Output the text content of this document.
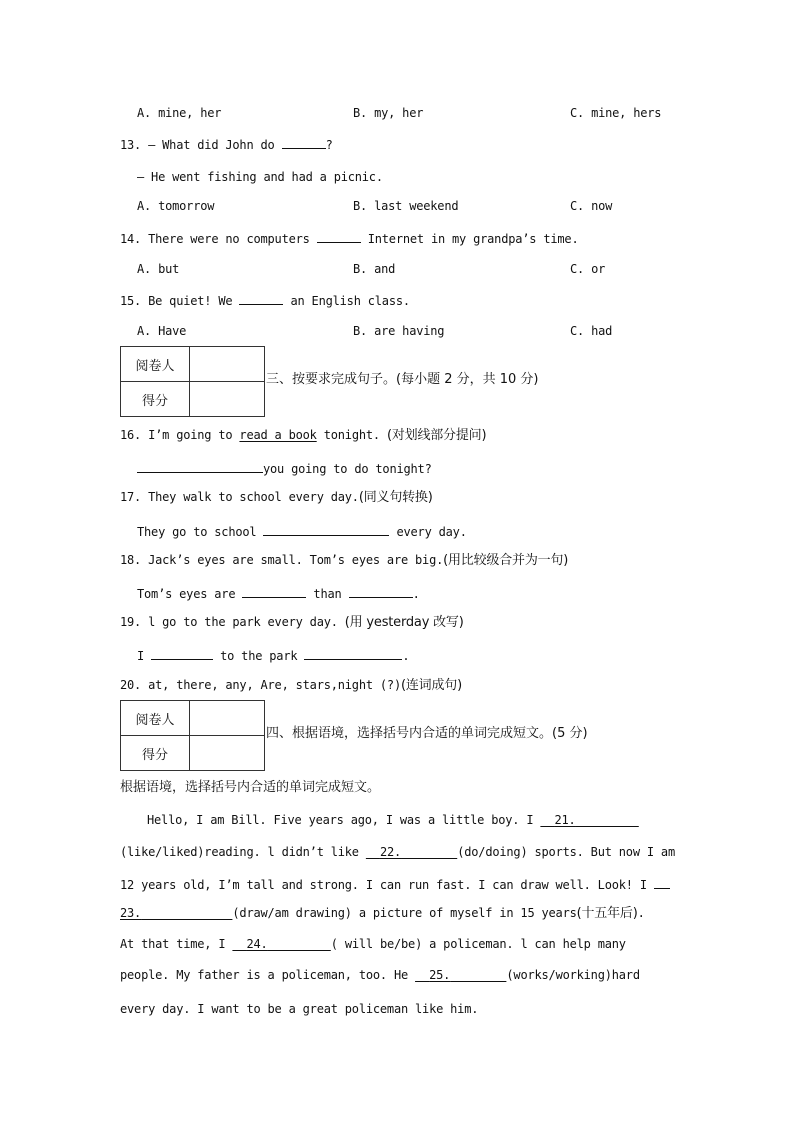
A. mine, her	B. my, her	C. mine, hers
13. — What did John do	?
— He went fishing and had a picnic.
A. tomorrow	B. last weekend	C. now
14. There were no computers	Internet in my grandpa’s time.
A. but	B. and	C. or
15. Be quiet! We	an English class.
A. Have	B. are having	C. had
阅卷人	
得分	
三、按要求完成句子。(每小题 2 分，共 10 分)
16. I’m going to read a book tonight. (对划线部分提问)
you going to do tonight?
17. They walk to school every day.(同义句转换)
They go to school	every day.
18. Jack’s eyes are small. Tom’s eyes are big.(用比较级合并为一句)
Tom’s eyes are	than	.
19. l go to the park every day. (用 yesterday 改写)
I	to the park	.
20. at, there, any, Are, stars,night (?)(连词成句)
阅卷人	
得分	
四、根据语境，选择括号内合适的单词完成短文。(5 分)
根据语境，选择括号内合适的单词完成短文。
Hello, I am Bill. Five years ago, I was a little boy. I 21.
(like/liked)reading. l didn’t like 22.	(do/doing) sports. But now I am
12 years old, I’m tall and strong. I can run fast. I can draw well. Look! I
23.	(draw/am drawing) a picture of myself in 15 years(十五年后).
At that time, I 24.	( will be/be) a policeman. l can help many
people. My father is a policeman, too. He 25.	(works/working)hard
every day. I want to be a great policeman like him.
